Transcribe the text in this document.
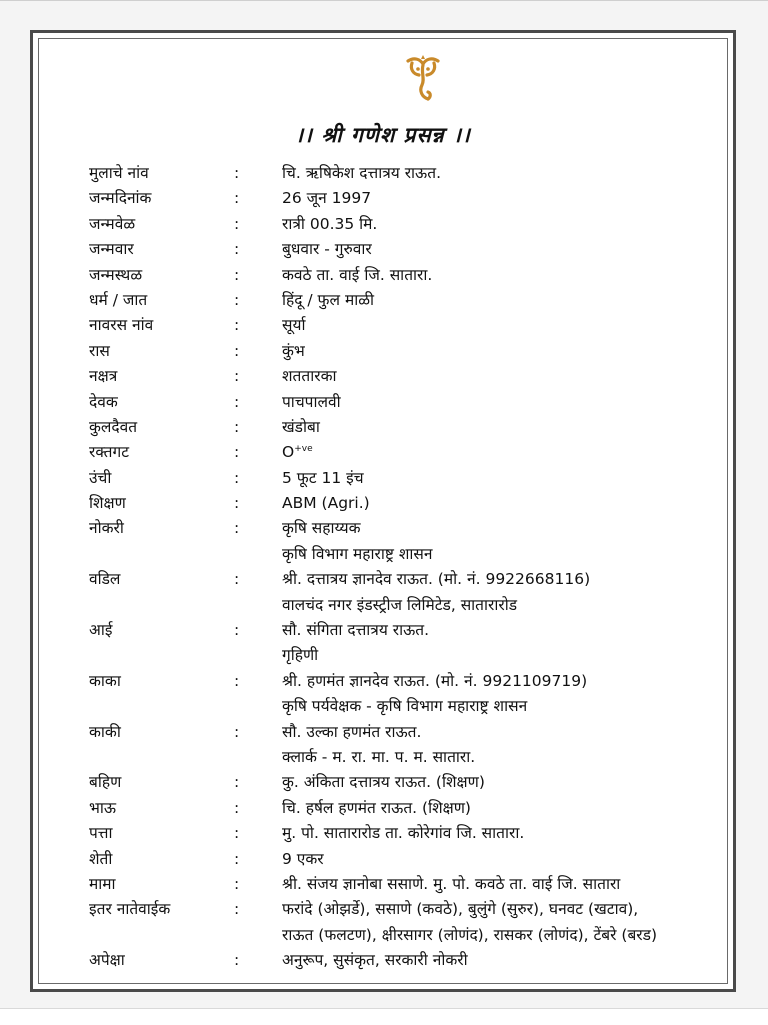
।। श्री गणेश प्रसन्न ।।
मुलाचे नांव	:	चि. ऋषिकेश दत्तात्रय राऊत.
जन्मदिनांक	:	26 जून 1997
जन्मवेळ	:	रात्री 00.35 मि.
जन्मवार	:	बुधवार - गुरुवार
जन्मस्थळ	:	कवठे ता. वाई जि. सातारा.
धर्म / जात	:	हिंदू / फुल माळी
नावरस नांव	:	सूर्या
रास	:	कुंभ
नक्षत्र	:	शततारका
देवक	:	पाचपालवी
कुलदैवत	:	खंडोबा
रक्तगट	:	$O^{+ve}$
उंची	:	5 फूट 11 इंच
शिक्षण	:	ABM (Agri.)
नोकरी	:	कृषि सहाय्यक
कृषि विभाग महाराष्ट्र शासन
वडिल	:	श्री. दत्तात्रय ज्ञानदेव राऊत. (मो. नं. 9922668116)
वालचंद नगर इंडस्ट्रीज लिमिटेड, सातारारोड
आई	:	सौ. संगिता दत्तात्रय राऊत.
गृहिणी
काका	:	श्री. हणमंत ज्ञानदेव राऊत. (मो. नं. 9921109719)
कृषि पर्यवेक्षक - कृषि विभाग महाराष्ट्र शासन
काकी	:	सौ. उल्का हणमंत राऊत.
क्लार्क - म. रा. मा. प. म. सातारा.
बहिण	:	कु. अंकिता दत्तात्रय राऊत. (शिक्षण)
भाऊ	:	चि. हर्षल हणमंत राऊत. (शिक्षण)
पत्ता	:	मु. पो. सातारारोड ता. कोरेगांव जि. सातारा.
शेती	:	9 एकर
मामा	:	श्री. संजय ज्ञानोबा ससाणे. मु. पो. कवठे ता. वाई जि. सातारा
इतर नातेवाईक	:	फरांदे (ओझर्डे), ससाणे (कवठे), बुलुंगे (सुरुर), घनवट (खटाव),
राऊत (फलटण), क्षीरसागर (लोणंद), रासकर (लोणंद), टेंबरे (बरड)
अपेक्षा	:	अनुरूप, सुसंकृत, सरकारी नोकरी
